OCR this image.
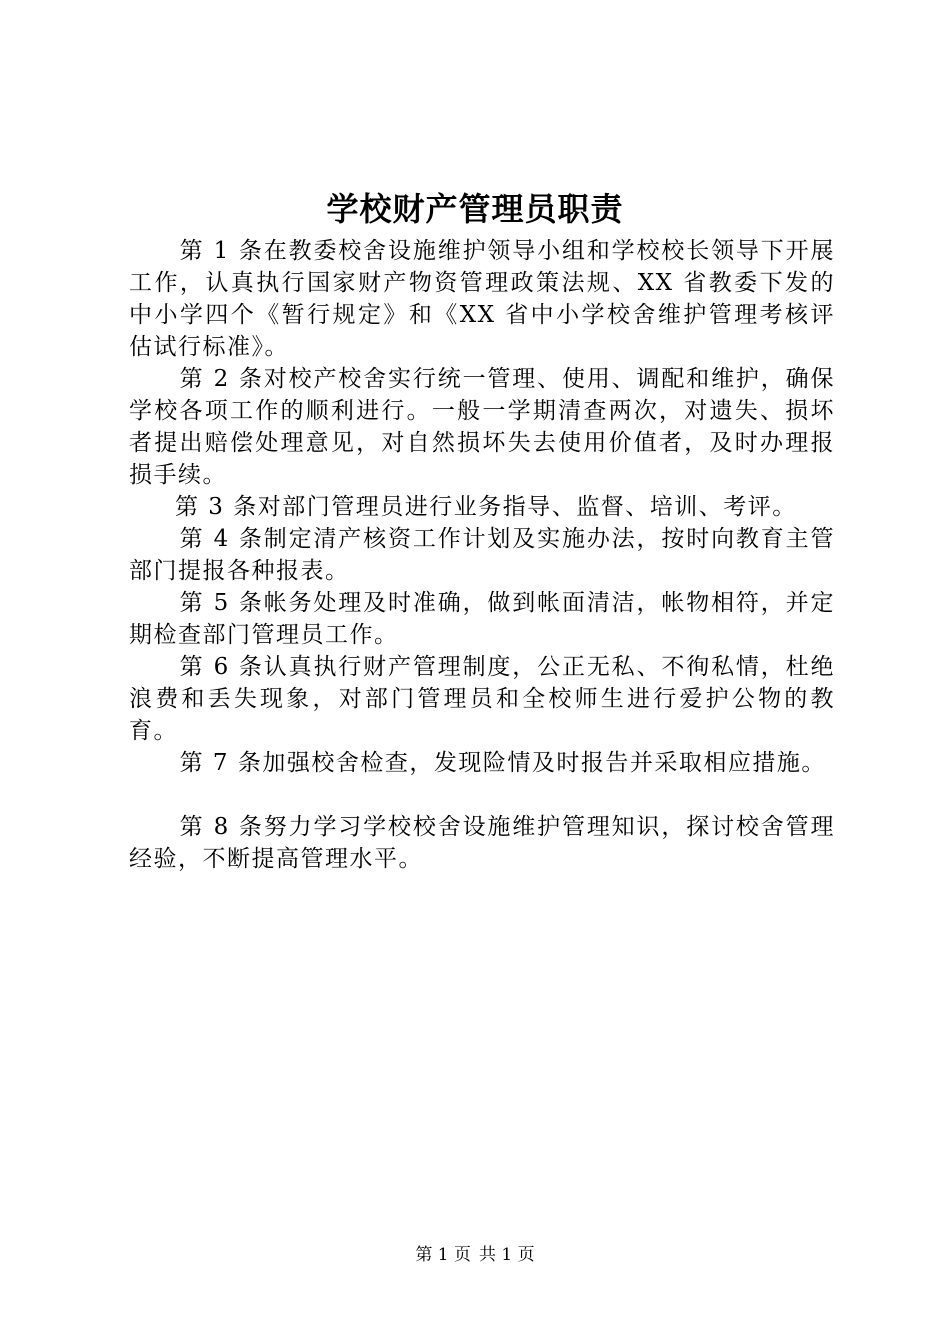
学校财产管理员职责

第 1 条在教委校舍设施维护领导小组和学校校长领导下开展工作，认真执行国家财产物资管理政策法规、XX 省教委下发的中小学四个《暂行规定》和《XX 省中小学校舍维护管理考核评估试行标准》。

第 2 条对校产校舍实行统一管理、使用、调配和维护，确保学校各项工作的顺利进行。一般一学期清查两次，对遗失、损坏者提出赔偿处理意见，对自然损坏失去使用价值者，及时办理报损手续。

第 3 条对部门管理员进行业务指导、监督、培训、考评。

第 4 条制定清产核资工作计划及实施办法，按时向教育主管部门提报各种报表。

第 5 条帐务处理及时准确，做到帐面清洁，帐物相符，并定期检查部门管理员工作。

第 6 条认真执行财产管理制度，公正无私、不徇私情，杜绝浪费和丢失现象，对部门管理员和全校师生进行爱护公物的教育。

第 7 条加强校舍检查，发现险情及时报告并采取相应措施。

第 8 条努力学习学校校舍设施维护管理知识，探讨校舍管理经验，不断提高管理水平。

第 1 页 共 1 页
